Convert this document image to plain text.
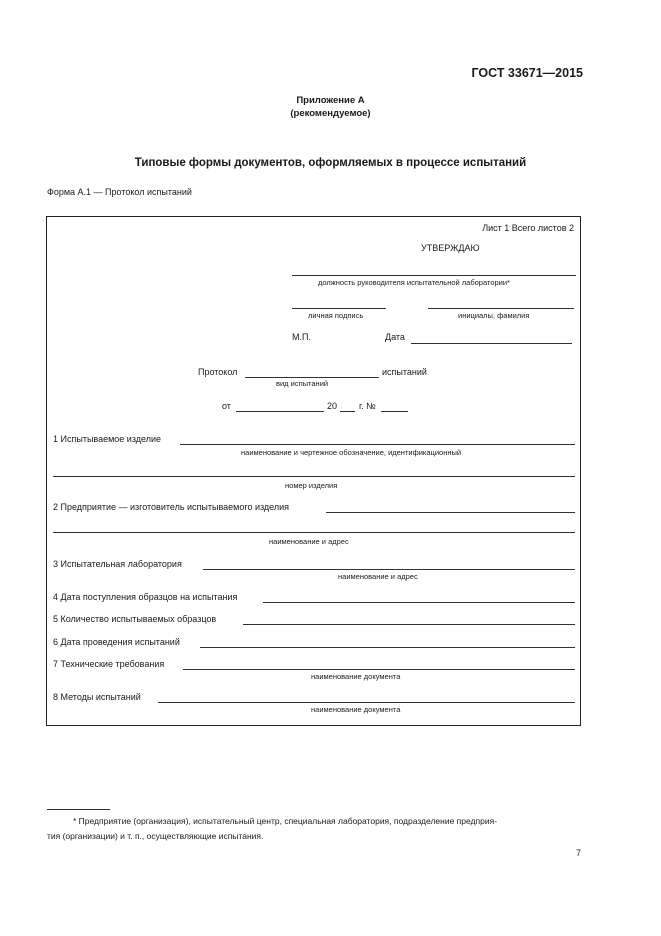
ГОСТ 33671—2015
Приложение А
(рекомендуемое)
Типовые формы документов, оформляемых в процессе испытаний
Форма А.1 — Протокол испытаний
Лист 1 Всего листов 2
УТВЕРЖДАЮ
должность руководителя испытательной лаборатории*
личная подпись	инициалы, фамилия
М.П.	Дата
Протокол	испытаний
вид испытаний
от	20 г. №
1 Испытываемое изделие
наименование и чертежное обозначение, идентификационный
номер изделия
2 Предприятие — изготовитель испытываемого изделия
наименование и адрес
3 Испытательная лаборатория
наименование и адрес
4 Дата поступления образцов на испытания
5 Количество испытываемых образцов
6 Дата проведения испытаний
7 Технические требования
наименование документа
8 Методы испытаний
наименование документа
* Предприятие (организация), испытательный центр, специальная лаборатория, подразделение предприя-
тия (организации) и т. п., осуществляющие испытания.
7
